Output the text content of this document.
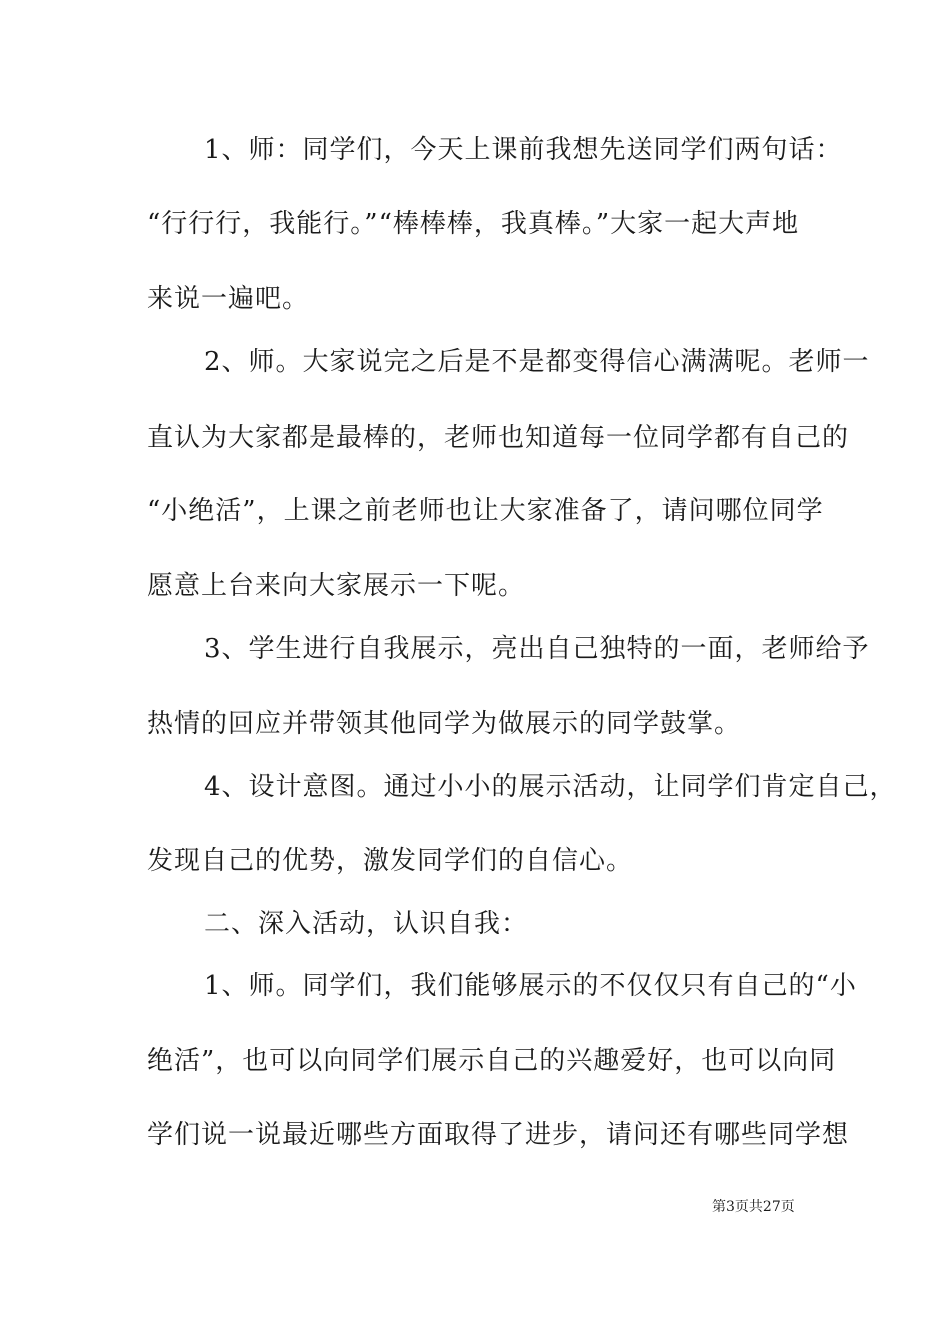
1、师：同学们，今天上课前我想先送同学们两句话：
“行行行，我能行。”“棒棒棒，我真棒。”大家一起大声地
来说一遍吧。
2、师。大家说完之后是不是都变得信心满满呢。老师一
直认为大家都是最棒的，老师也知道每一位同学都有自己的
“小绝活”，上课之前老师也让大家准备了，请问哪位同学
愿意上台来向大家展示一下呢。
3、学生进行自我展示，亮出自己独特的一面，老师给予
热情的回应并带领其他同学为做展示的同学鼓掌。
4、设计意图。通过小小的展示活动，让同学们肯定自己，
发现自己的优势，激发同学们的自信心。
二、深入活动，认识自我：
1、师。同学们，我们能够展示的不仅仅只有自己的“小
绝活”，也可以向同学们展示自己的兴趣爱好，也可以向同
学们说一说最近哪些方面取得了进步，请问还有哪些同学想
第3页共27页
